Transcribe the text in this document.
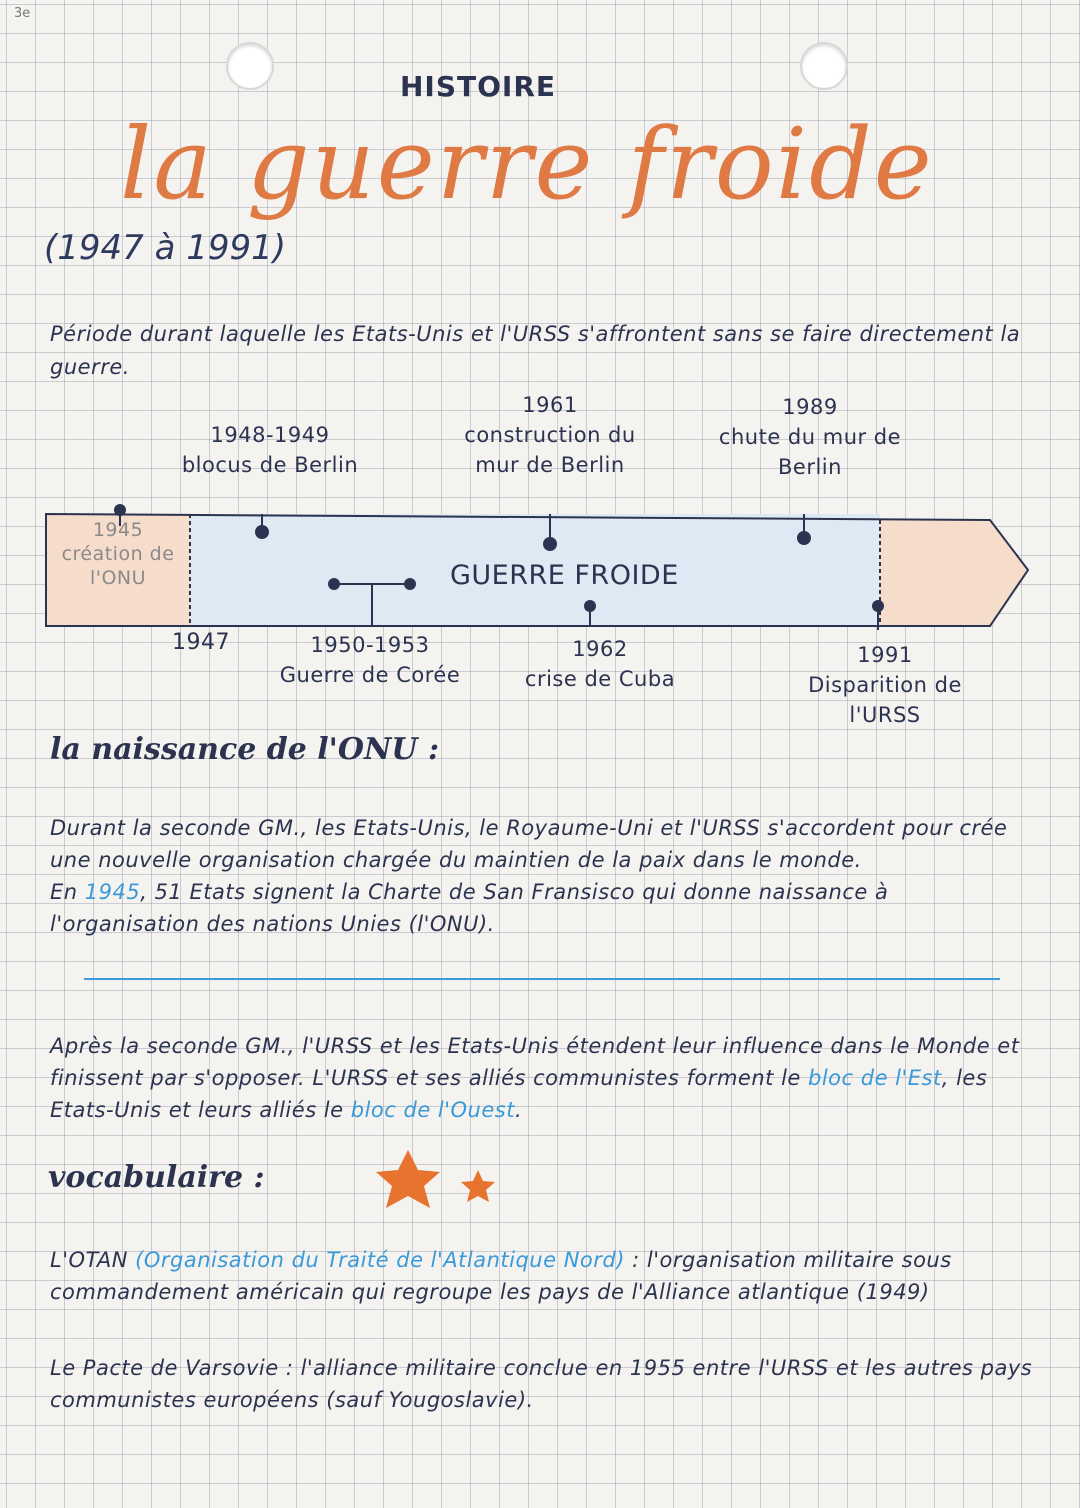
3e
HISTOIRE
la guerre froide
(1947 à 1991)
Période durant laquelle les Etats-Unis et l'URSS s'affrontent sans se faire directement la guerre.
1945
création de l'ONU	GUERRE FROIDE
1947
1948-1949
blocus de Berlin
1961
construction du mur de Berlin
1989
chute du mur de Berlin
1950-1953
Guerre de Corée
1962
crise de Cuba
1991
Disparition de l'URSS
la naissance de l'ONU :
Durant la seconde GM., les Etats-Unis, le Royaume-Uni et l'URSS s'accordent pour crée une nouvelle organisation chargée du maintien de la paix dans le monde.
En 1945, 51 Etats signent la Charte de San Fransisco qui donne naissance à l'organisation des nations Unies (l'ONU).
Après la seconde GM., l'URSS et les Etats-Unis étendent leur influence dans le Monde et finissent par s'opposer. L'URSS et ses alliés communistes forment le bloc de l'Est, les Etats-Unis et leurs alliés le bloc de l'Ouest.
vocabulaire :
L'OTAN (Organisation du Traité de l'Atlantique Nord) : l'organisation militaire sous commandement américain qui regroupe les pays de l'Alliance atlantique (1949)
Le Pacte de Varsovie : l'alliance militaire conclue en 1955 entre l'URSS et les autres pays communistes européens (sauf Yougoslavie).
